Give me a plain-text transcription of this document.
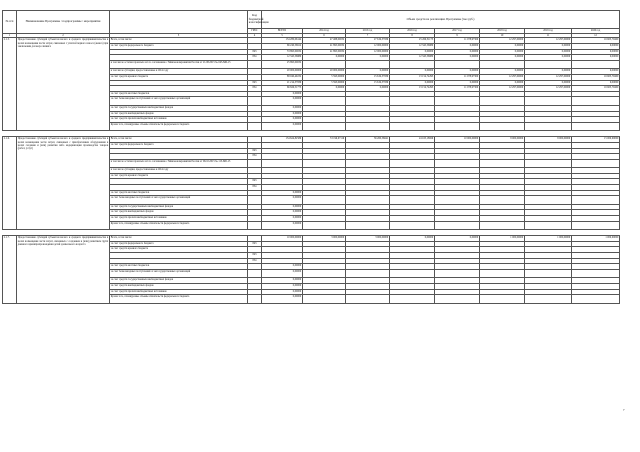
№ п/п	Наименование Программы / подпрограммы / мероприятия		Код бюджетной классификации	Объем средств на реализацию Программы (тыс.руб.)							
			ГРБС	ВСЕГО	2014 год	2015 год	2016 год	2017 год	2018 год	2019 год	2020 год
1	2	3	4	5	6	7	8	9	10	11	12
2.1.5.	Предоставление субсидий субъектам малого и среднего предпринимательства в целях возмещения части затрат, связанных с уплатой первого взноса (аванса) при заключении договора лизинга	Всего, в том числе:		154 280,06144	47 488,00032	27 619,37839	25 260,31173	11 078,97300	12 297,00000	12 297,00000	16 603,79400
		за счет средств федерального бюджета		66 240,56912	41 895,00032	12 000,00000	12 345,56880	0,00000	0,00000	0,00000	0,00000
			843	53 895,00032	41 895,00032	12 000,00000	0,00000	0,00000	0,00000	0,00000	0,00000
			854	12 345,56880	0,00000	0,00000	12 345,56880	0,00000	0,00000	0,00000	0,00000
		в том числе остатки прошлых лет по соглашению с Минэкономразвития России от 21.08.2015 № 045-МБ-15		25 895,00032							
		в том числе субсидии, предоставленные в 2014 году		20 000,00000	20 000,00000	0,00000	0,00000	0,00000	0,00000	0,00000	0,00000
		за счет средств краевого бюджета		88 040,49232	5 593,00000	15 619,37839	13 154,74293	11 078,97300	12 297,00000	12 297,00000	16 603,79400
			843	21 214,37839	5 593,00000	15 619,37839	0,00000	0,00000	0,00000	0,00000	0,00000
			854	66 826,51773	0,00000	0,00000	13 154,74293	11 078,97300	12 297,00000	12 297,00000	16 603,79400
		за счет средств местных бюджетов		0,00000							
		за счет безвозмездных поступлений от негосударственных организаций		0,00000							
		за счет средств государственных внебюджетных фондов		0,00000							
		за счет средств внебюджетных фондов		0,00000							
		за счет средств прочих внебюджетных источников		0,00000							
		Кроме того, планируемые объемы обязательств федерального бюджета		0,00000							

2.1.6.	Предоставление субсидий субъектам малого и среднего предпринимательства в целях возмещения части затрат, связанных с приобретением оборудования в целях создания и (или) развития либо модернизации производства товаров (работ, услуг)	Всего, в том числе:		154 624,82589	53 199,07119	36 260,56641	24 165,18829	10 000,00000	8 000,00000	8 000,00000	15 000,00000
		за счет средств федерального бюджета									
			843								
			854								
		в том числе остатки прошлых лет по соглашению с Минэкономразвития России от 06.10.2015 № 115-МБ-15									
		в том числе субсидии, предоставленные в 2014 году									
		за счет средств краевого бюджета									
			843								
			854								
		за счет средств местных бюджетов		0,00000							
		за счет безвозмездных поступлений от негосударственных организаций		0,00000							
		за счет средств государственных внебюджетных фондов		0,00000							
		за счет средств внебюджетных фондов		0,00000							
		за счет средств прочих внебюджетных источников		0,00000							
		Кроме того, планируемые объемы обязательств федерального бюджета		0,00000							

2.1.7.	Предоставление субсидий субъектам малого и среднего предпринимательства в целях возмещения части затрат, связанных с созданием и (или) развитием групп дневного времяпрепровождения детей дошкольного возраста	Всего, в том числе:		10 000,00000	3 000,00000	3 000,00000	0,00000	0,00000	1 000,00000	1 000,00000	1 000,00000
		за счет средств федерального бюджета	843								
		за счет средств краевого бюджета									
			843								
			854								
		за счет средств местных бюджетов		0,00000							
		за счет безвозмездных поступлений от негосударственных организаций		0,00000							
		за счет средств государственных внебюджетных фондов		0,00000							
		за счет средств внебюджетных фондов		0,00000							
		за счет средств прочих внебюджетных источников		0,00000							
		Кроме того, планируемые объемы обязательств федерального бюджета		0,00000							
7
